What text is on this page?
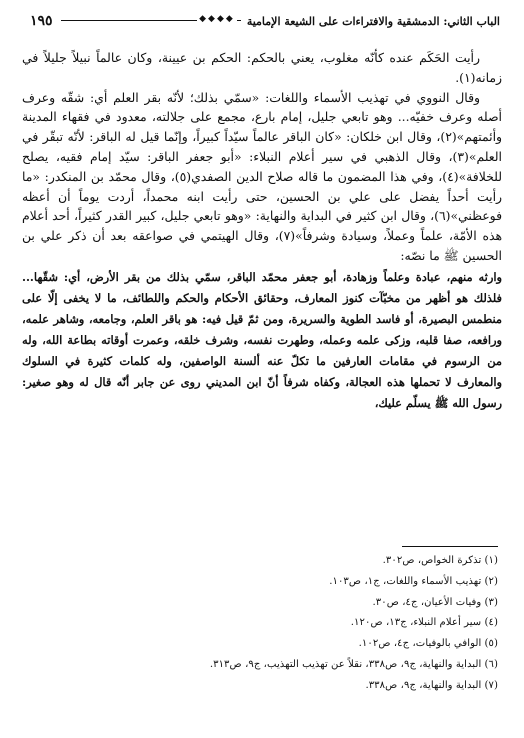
١٩٥	◆◆◆◆ الباب الثاني: الدمشقية والافتراءات على الشيعة الإمامية

رأيت الحَكَم عنده كأنّه مغلوب، يعني بالحكم: الحكم بن عيينة، وكان عالماً نبيلاً جليلاً في زمانه(١).

وقال النووي في تهذيب الأسماء واللغات: «سمّي بذلك؛ لأنّه بقر العلم أي: شقّه وعرف أصله وعرف خفيّه... وهو تابعي جليل، إمام بارع، مجمع على جلالته، معدود في فقهاء المدينة وأئمتهم»(٢)، وقال ابن خلكان: «كان الباقر عالماً سيّداً كبيراً، وإنّما قيل له الباقر: لأنّه تبقّر في العلم»(٣)، وقال الذهبي في سير أعلام النبلاء: «أبو جعفر الباقر: سيّد إمام فقيه، يصلح للخلافة»(٤)، وفي هذا المضمون ما قاله صلاح الدين الصفدي(٥)، وقال محمّد بن المنكدر: «ما رأيت أحداً يفضل على علي بن الحسين، حتى رأيت ابنه محمداً، أردت يوماً أن أعظه فوعظني»(٦)، وقال ابن كثير في البداية والنهاية: «وهو تابعي جليل، كبير القدر كثيراً، أحد أعلام هذه الأمّة، علماً وعملاً، وسيادة وشرفاً»(٧)، وقال الهيتمي في صواعقه بعد أن ذكر علي بن الحسين ﷺ ما نصّه:

وارثه منهم، عبادة وعلماً وزهادة، أبو جعفر محمّد الباقر، سمّي بذلك من بقر الأرض، أي: شقّها... فلذلك هو أظهر من مخبّآت كنوز المعارف، وحقائق الأحكام والحكم واللطائف، ما لا يخفى إلّا على منطمس البصيرة، أو فاسد الطوية والسريرة، ومن ثمّ قيل فيه: هو باقر العلم، وجامعه، وشاهر علمه، ورافعه، صفا قلبه، وزكى علمه وعمله، وطهرت نفسه، وشرف خلقه، وعمرت أوقاته بطاعة الله، وله من الرسوم في مقامات العارفين ما تكلّ عنه ألسنة الواصفين، وله كلمات كثيرة في السلوك والمعارف لا تحملها هذه العجالة، وكفاه شرفاً أنّ ابن المديني روى عن جابر أنّه قال له وهو صغير: رسول الله ﷺ يسلّم عليك،

(١) تذكرة الخواص، ص٣٠٢.
(٢) تهذيب الأسماء واللغات، ج١، ص١٠٣.
(٣) وفيات الأعيان، ج٤، ص٣٠.
(٤) سير أعلام النبلاء، ج١٣، ص١٢٠.
(٥) الوافي بالوفيات، ج٤، ص١٠٢.
(٦) البداية والنهاية، ج٩، ص٣٣٨، نقلاً عن تهذيب التهذيب، ج٩، ص٣١٣.
(٧) البداية والنهاية، ج٩، ص٣٣٨.
